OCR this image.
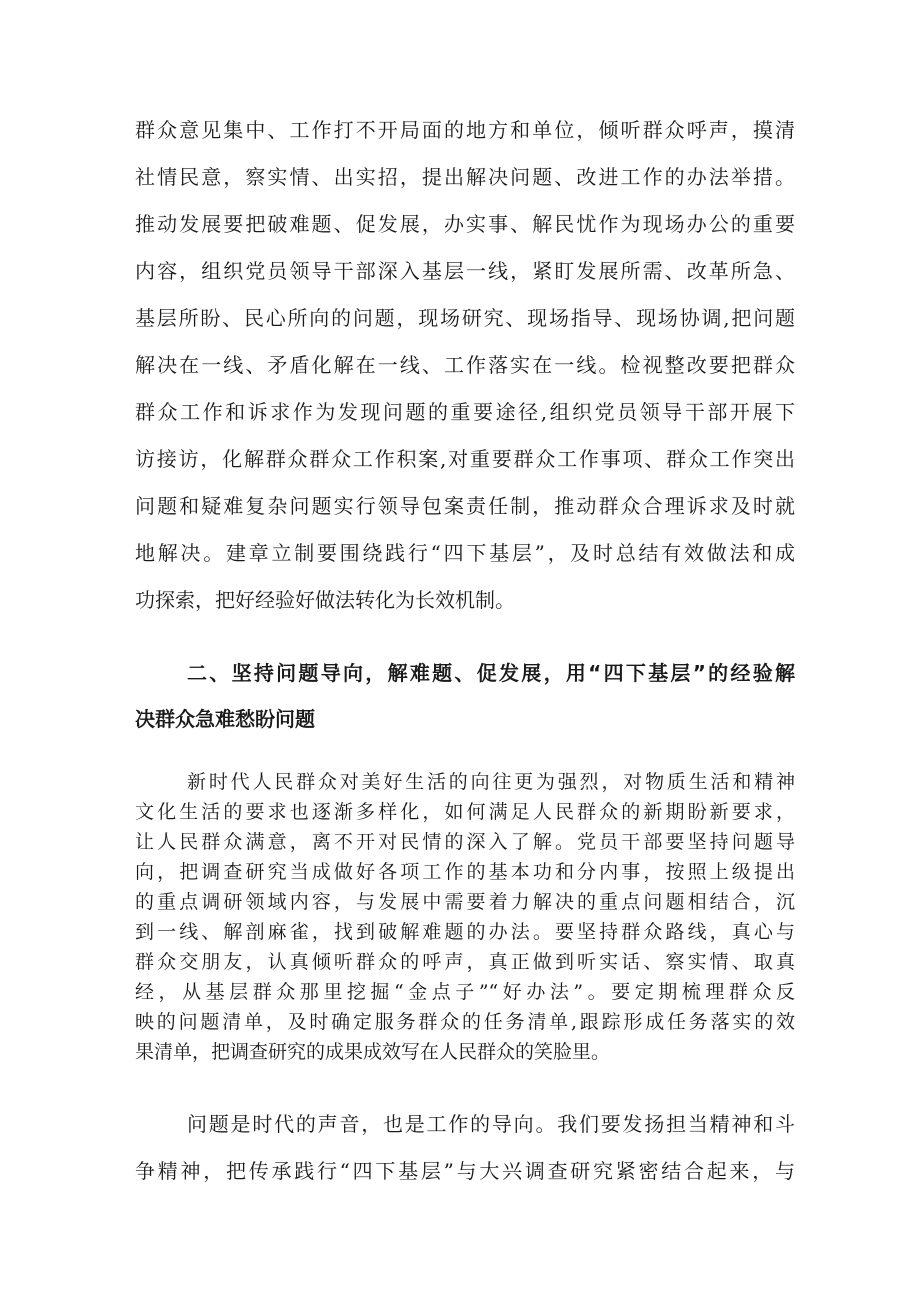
群众意见集中、工作打不开局面的地方和单位，倾听群众呼声，摸清
社情民意，察实情、出实招，提出解决问题、改进工作的办法举措。
推动发展要把破难题、促发展，办实事、解民忧作为现场办公的重要
内容，组织党员领导干部深入基层一线，紧盯发展所需、改革所急、
基层所盼、民心所向的问题，现场研究、现场指导、现场协调,把问题
解决在一线、矛盾化解在一线、工作落实在一线。检视整改要把群众
群众工作和诉求作为发现问题的重要途径,组织党员领导干部开展下
访接访，化解群众群众工作积案,对重要群众工作事项、群众工作突出
问题和疑难复杂问题实行领导包案责任制，推动群众合理诉求及时就
地解决。建章立制要围绕践行“四下基层”，及时总结有效做法和成
功探索，把好经验好做法转化为长效机制。
二、坚持问题导向，解难题、促发展，用“四下基层”的经验解
决群众急难愁盼问题
新时代人民群众对美好生活的向往更为强烈，对物质生活和精神
文化生活的要求也逐渐多样化，如何满足人民群众的新期盼新要求，
让人民群众满意，离不开对民情的深入了解。党员干部要坚持问题导
向，把调查研究当成做好各项工作的基本功和分内事，按照上级提出
的重点调研领域内容，与发展中需要着力解决的重点问题相结合，沉
到一线、解剖麻雀，找到破解难题的办法。要坚持群众路线，真心与
群众交朋友，认真倾听群众的呼声，真正做到听实话、察实情、取真
经，从基层群众那里挖掘“金点子”“好办法”。要定期梳理群众反
映的问题清单，及时确定服务群众的任务清单,跟踪形成任务落实的效
果清单，把调查研究的成果成效写在人民群众的笑脸里。
问题是时代的声音，也是工作的导向。我们要发扬担当精神和斗
争精神，把传承践行“四下基层”与大兴调查研究紧密结合起来，与
